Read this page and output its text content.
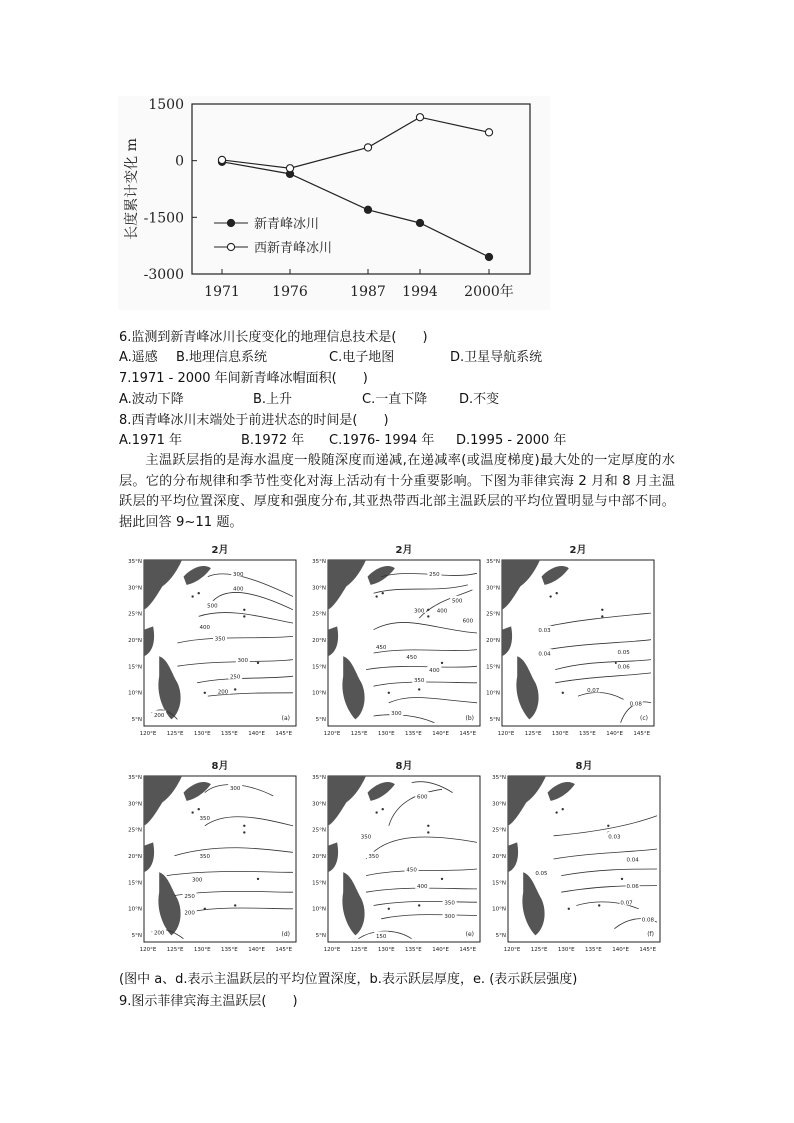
1500
0
-1500
-3000
1971 1976	1987 1994 2000年
长度累计变化 m	新青峰冰川
西新青峰冰川
6.监测到新青峰冰川长度变化的地理信息技术是(　　)
A.遥感 B.地理信息系统	C.电子地图	D.卫星导航系统
7.1971 - 2000 年间新青峰冰帽面积(　　)
A.波动下降	B.上升	C.一直下降 D.不变
8.西青峰冰川末端处于前进状态的时间是(　　)
A.1971 年	B.1972 年 C.1976- 1994 年 D.1995 - 2000 年
主温跃层指的是海水温度一般随深度而递减,在递减率(或温度梯度)最大处的一定厚度的水层。它的分布规律和季节性变化对海上活动有十分重要影响。下图为菲律宾海 2 月和 8 月主温跃层的平均位置深度、厚度和强度分布,其亚热带西北部主温跃层的平均位置明显与中部不同。据此回答 9~11 题。
2月
300
400
500
400
350
300
250
200
200	(a)
35°N
30°N
25°N
20°N
15°N
10°N
5°N
120°E 125°E 130°E 135°E 140°E 145°E
2月
250
300 400
500
600
450
450
400
350
300
(b)
35°N
30°N
25°N
20°N
15°N
10°N
5°N
120°E 125°E 130°E 135°E 140°E 145°E
2月
0.03
0.04	0.05
0.06
0.07
0.08
(c)
35°N
30°N
25°N
20°N
15°N
10°N
5°N
120°E 125°E 130°E 135°E 140°E 145°E
8月
300
350
350
300
250
200
200	(d)
35°N
30°N
25°N
20°N
15°N
10°N
5°N
120°E 125°E 130°E 135°E 140°E 145°E
8月
350
600
350
450
400
350
300
150	(e)
35°N
30°N
25°N
20°N
15°N
10°N
5°N
120°E 125°E 130°E 135°E 140°E 145°E
8月
0.03
0.04
0.05
0.06
0.07
0.08
(f)
35°N
30°N
25°N
20°N
15°N
10°N
5°N
120°E 125°E 130°E 135°E 140°E 145°E
(图中 a、d.表示主温跃层的平均位置深度，b.表示跃层厚度，e. (表示跃层强度)
9.图示菲律宾海主温跃层(　　)
